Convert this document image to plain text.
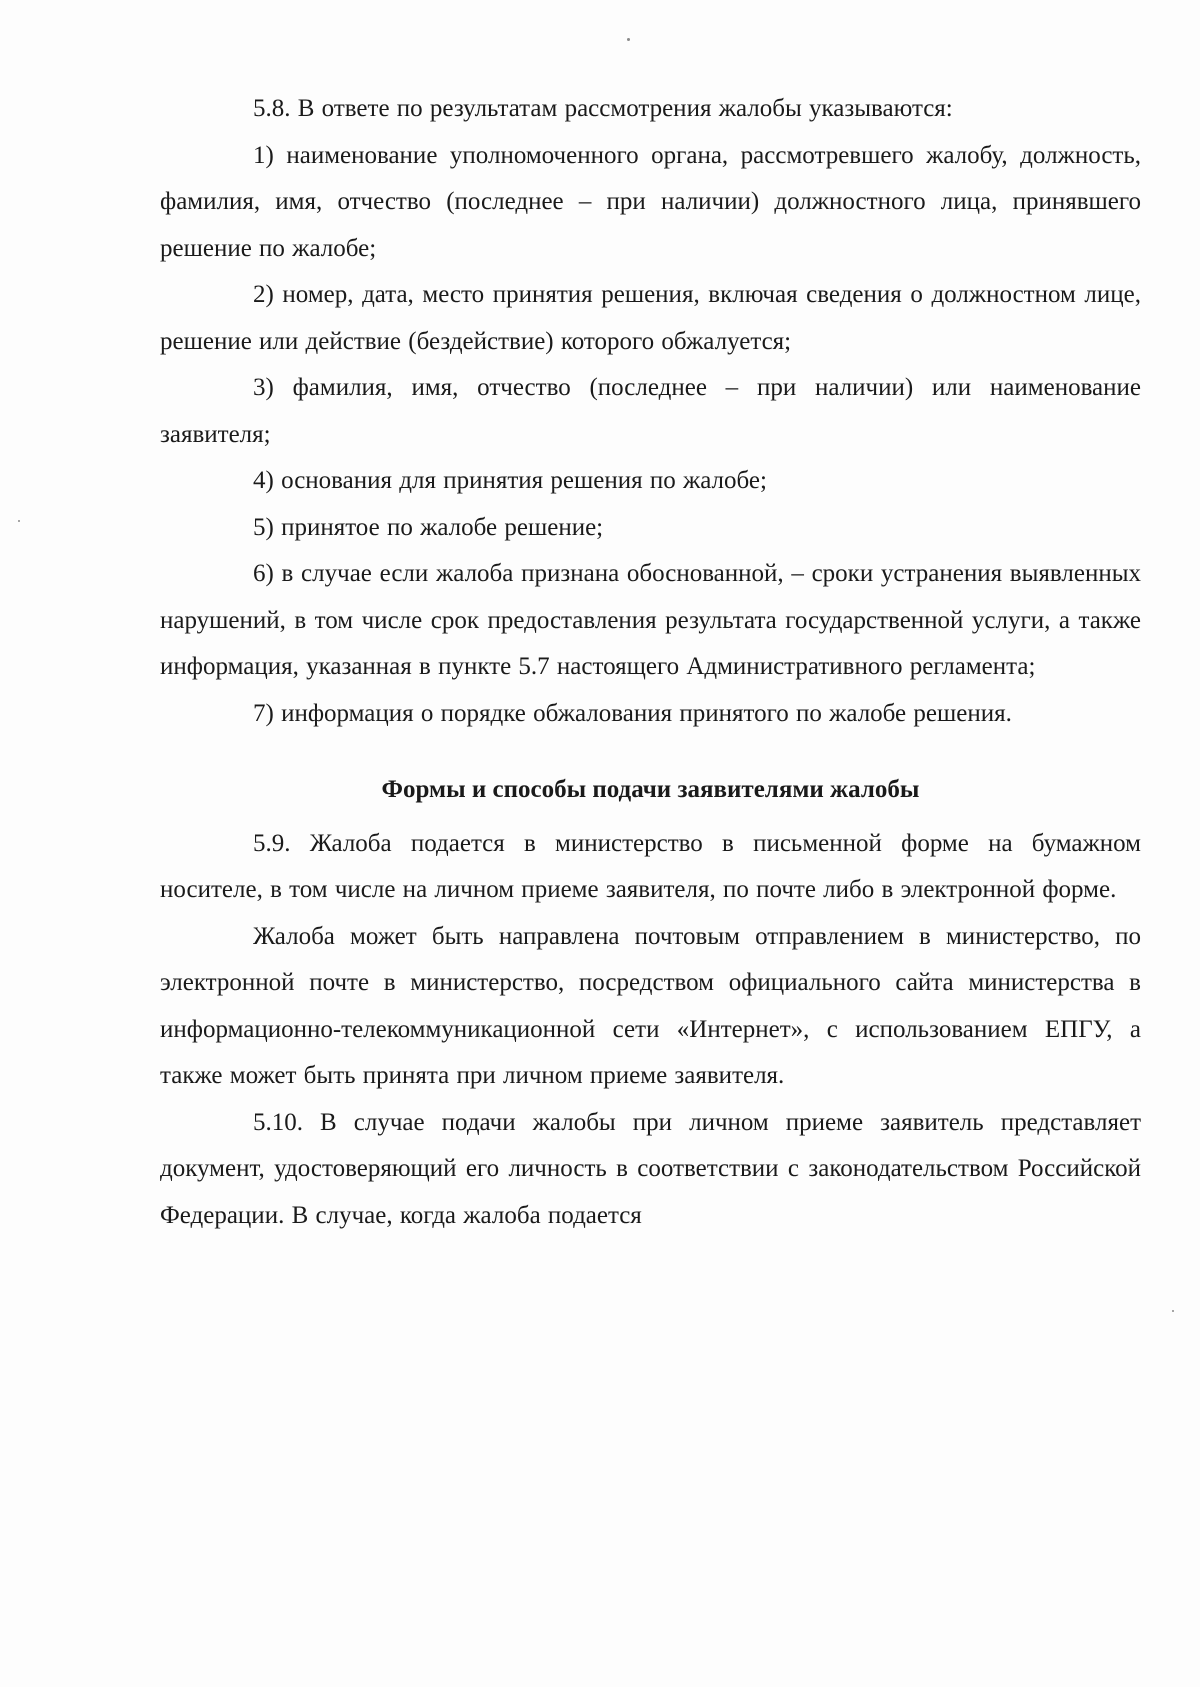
5.8. В ответе по результатам рассмотрения жалобы указываются:

1) наименование уполномоченного органа, рассмотревшего жалобу, должность, фамилия, имя, отчество (последнее – при наличии) должностного лица, принявшего решение по жалобе;

2) номер, дата, место принятия решения, включая сведения о должностном лице, решение или действие (бездействие) которого обжалуется;

3) фамилия, имя, отчество (последнее – при наличии) или наименование заявителя;

4) основания для принятия решения по жалобе;

5) принятое по жалобе решение;

6) в случае если жалоба признана обоснованной, – сроки устранения выявленных нарушений, в том числе срок предоставления результата государственной услуги, а также информация, указанная в пункте 5.7 настоящего Административного регламента;

7) информация о порядке обжалования принятого по жалобе решения.

Формы и способы подачи заявителями жалобы

5.9. Жалоба подается в министерство в письменной форме на бумажном носителе, в том числе на личном приеме заявителя, по почте либо в электронной форме.

Жалоба может быть направлена почтовым отправлением в министерство, по электронной почте в министерство, посредством официального сайта министерства в информационно-телекоммуникационной сети «Интернет», с использованием ЕПГУ, а также может быть принята при личном приеме заявителя.

5.10. В случае подачи жалобы при личном приеме заявитель представляет документ, удостоверяющий его личность в соответствии с законодательством Российской Федерации. В случае, когда жалоба подается
